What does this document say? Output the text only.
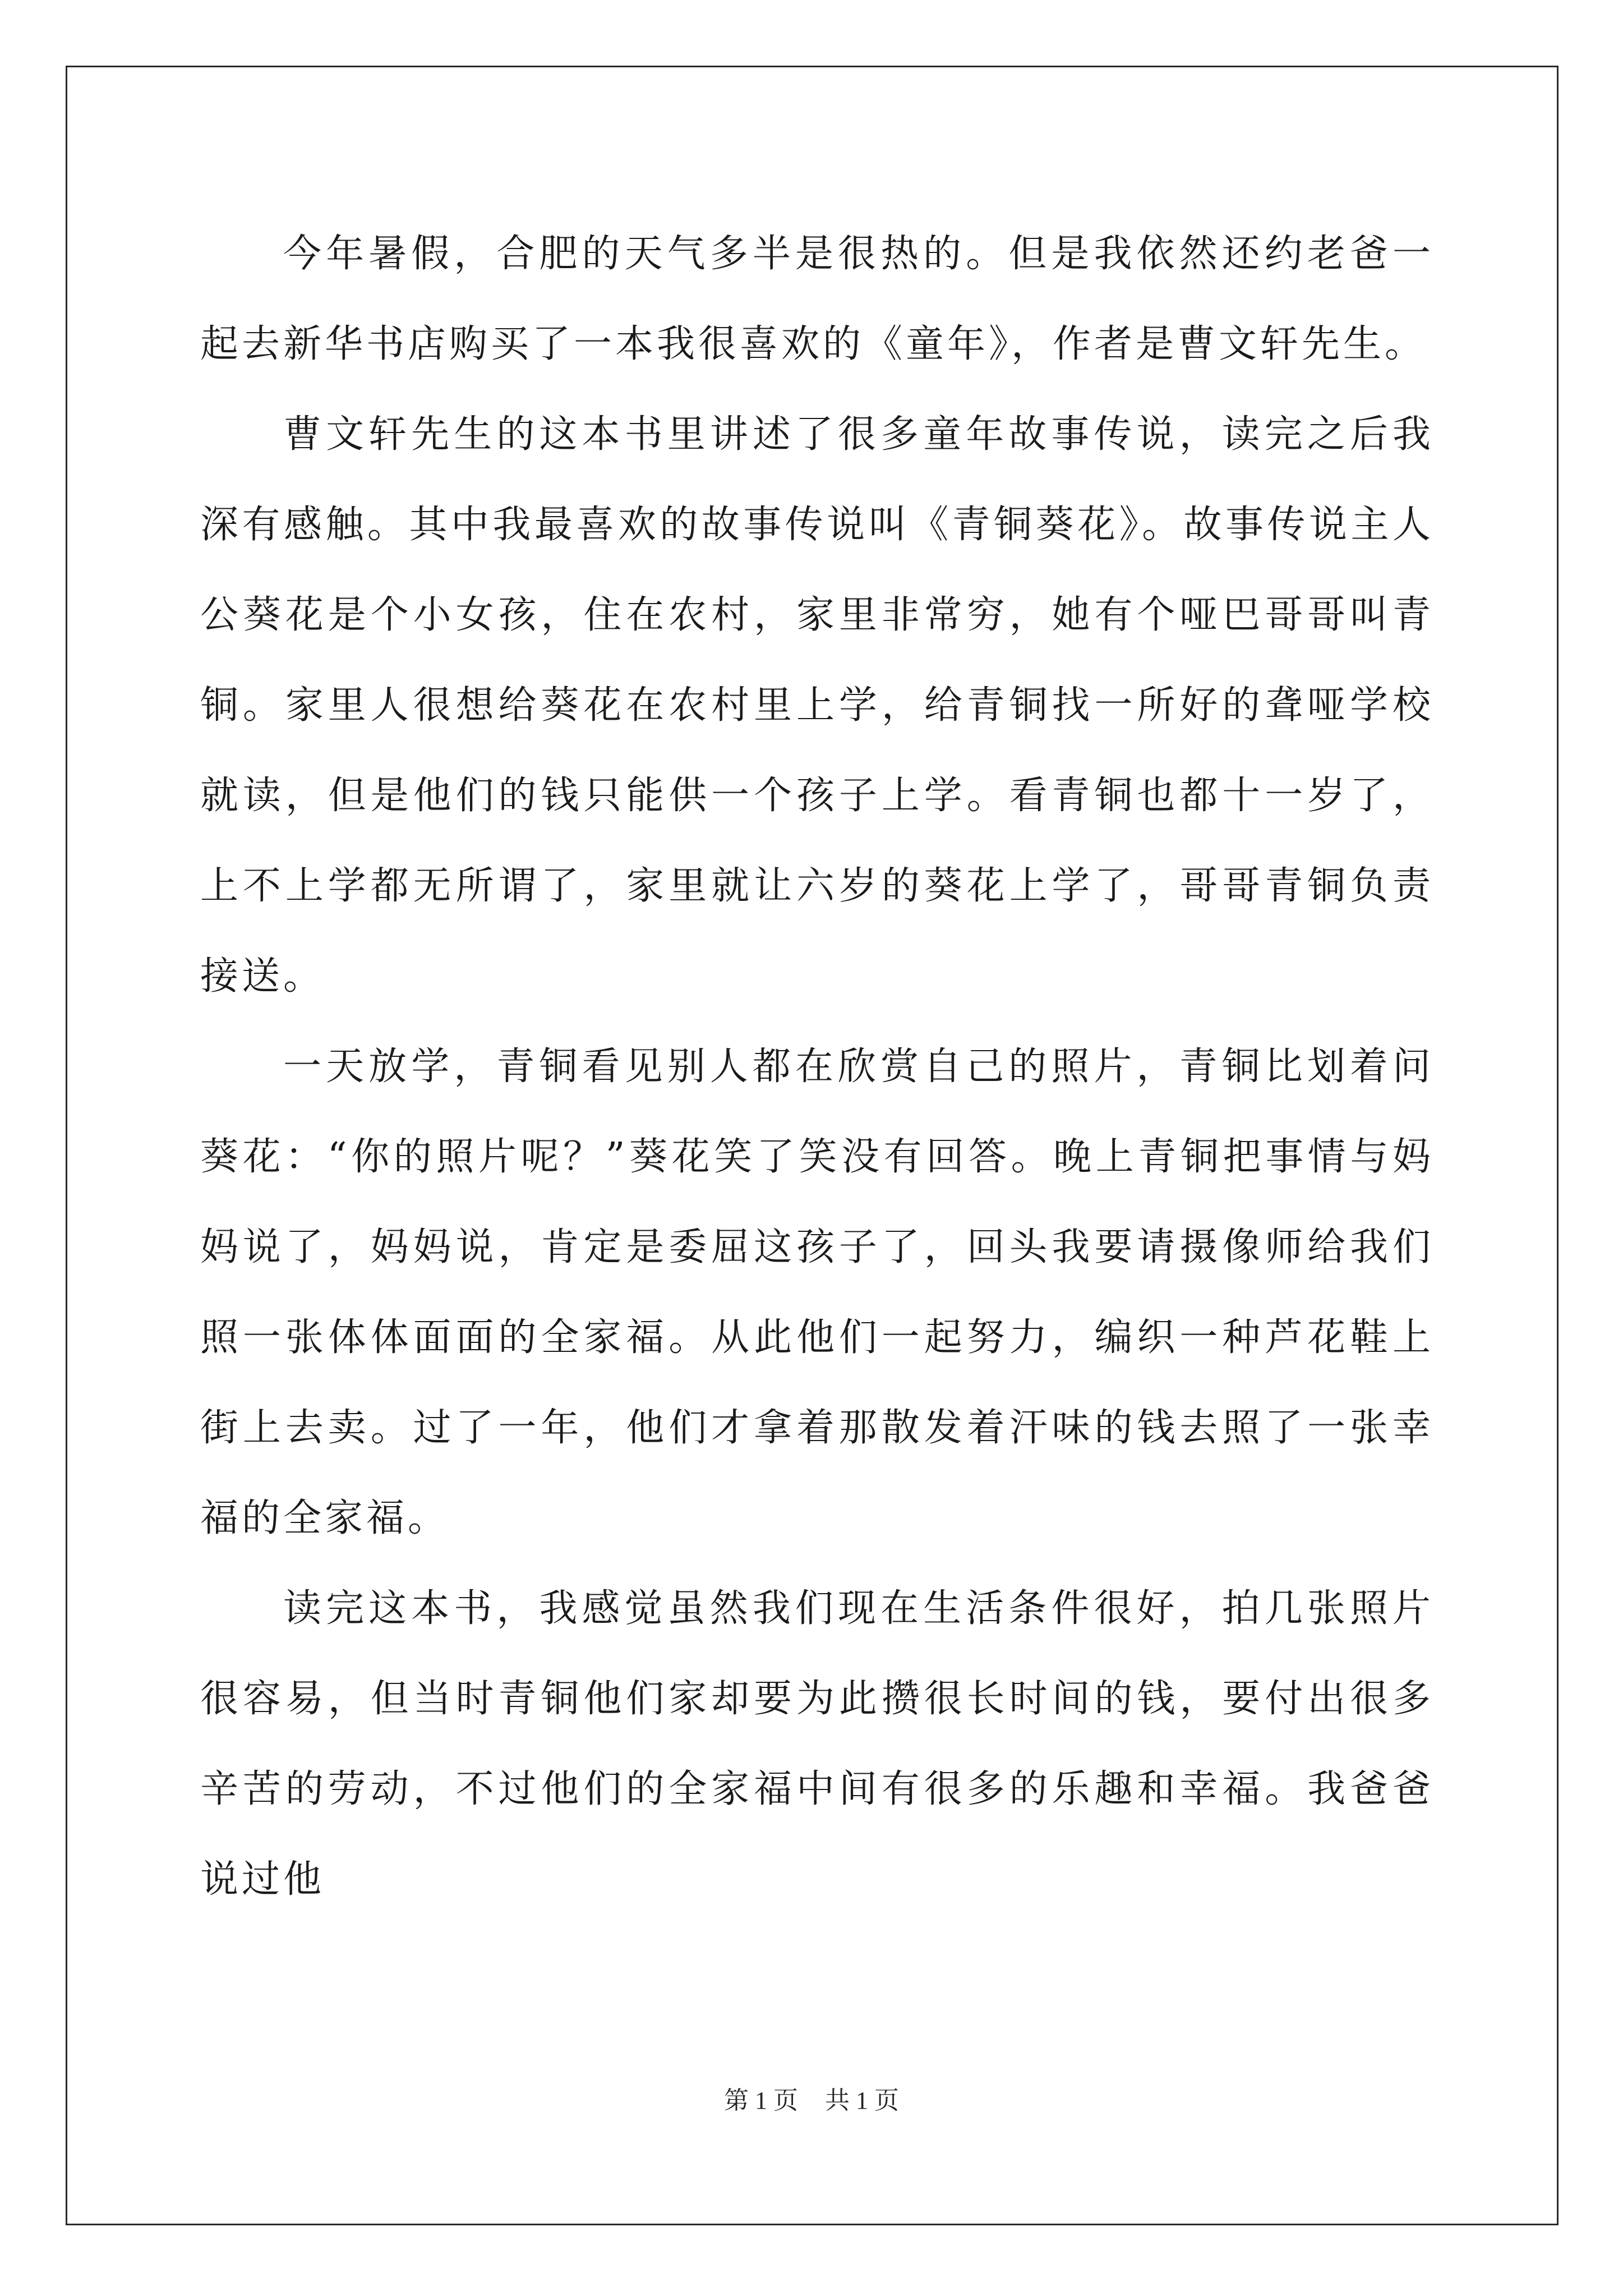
今年暑假，合肥的天气多半是很热的。但是我依然还约老爸一起去新华书店购买了一本我很喜欢的《童年》，作者是曹文轩先生。

曹文轩先生的这本书里讲述了很多童年故事传说，读完之后我深有感触。其中我最喜欢的故事传说叫《青铜葵花》。故事传说主人公葵花是个小女孩，住在农村，家里非常穷，她有个哑巴哥哥叫青铜。家里人很想给葵花在农村里上学，给青铜找一所好的聋哑学校就读，但是他们的钱只能供一个孩子上学。看青铜也都十一岁了，上不上学都无所谓了，家里就让六岁的葵花上学了，哥哥青铜负责接送。

一天放学，青铜看见别人都在欣赏自己的照片，青铜比划着问葵花：“你的照片呢？”葵花笑了笑没有回答。晚上青铜把事情与妈妈说了，妈妈说，肯定是委屈这孩子了，回头我要请摄像师给我们照一张体体面面的全家福。从此他们一起努力，编织一种芦花鞋上街上去卖。过了一年，他们才拿着那散发着汗味的钱去照了一张幸福的全家福。

读完这本书，我感觉虽然我们现在生活条件很好，拍几张照片很容易，但当时青铜他们家却要为此攒很长时间的钱，要付出很多辛苦的劳动，不过他们的全家福中间有很多的乐趣和幸福。我爸爸说过他

第 1 页 共 1 页
